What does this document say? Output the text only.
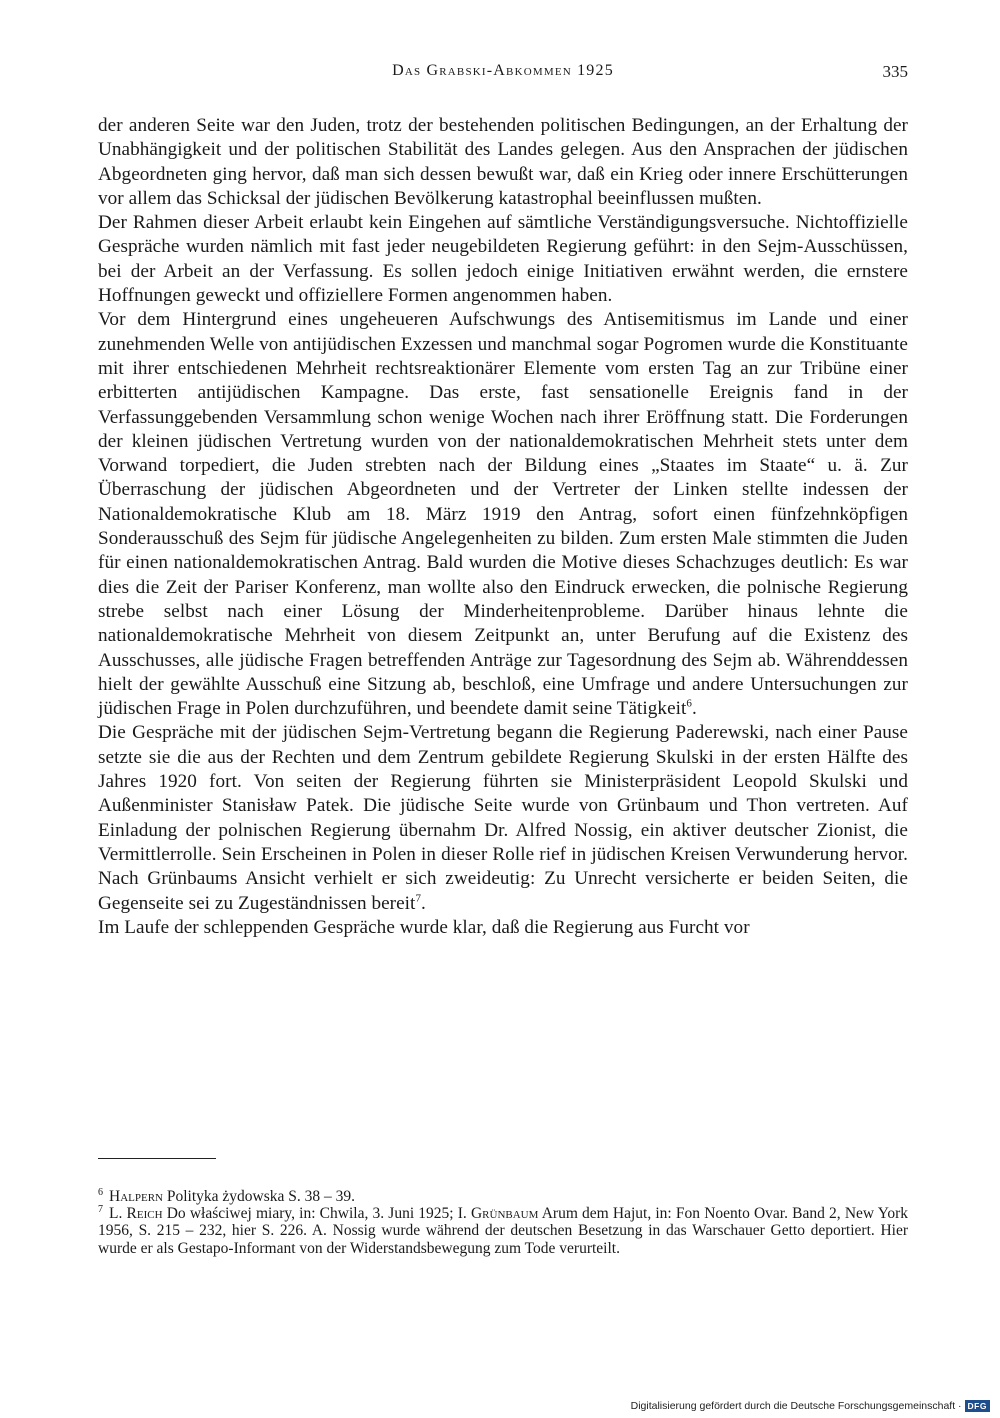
Das Grabski-Abkommen 1925	335

der anderen Seite war den Juden, trotz der bestehenden politischen Bedingungen, an der Erhaltung der Unabhängigkeit und der politischen Stabilität des Landes gelegen. Aus den Ansprachen der jüdischen Abgeordneten ging hervor, daß man sich dessen bewußt war, daß ein Krieg oder innere Erschütterungen vor allem das Schicksal der jüdischen Bevölkerung katastrophal beeinflussen mußten.

Der Rahmen dieser Arbeit erlaubt kein Eingehen auf sämtliche Verständigungsversuche. Nichtoffizielle Gespräche wurden nämlich mit fast jeder neugebildeten Regierung geführt: in den Sejm-Ausschüssen, bei der Arbeit an der Verfassung. Es sollen jedoch einige Initiativen erwähnt werden, die ernstere Hoffnungen geweckt und offiziellere Formen angenommen haben.

Vor dem Hintergrund eines ungeheueren Aufschwungs des Antisemitismus im Lande und einer zunehmenden Welle von antijüdischen Exzessen und manchmal sogar Pogromen wurde die Konstituante mit ihrer entschiedenen Mehrheit rechtsreaktionärer Elemente vom ersten Tag an zur Tribüne einer erbitterten antijüdischen Kampagne. Das erste, fast sensationelle Ereignis fand in der Verfassunggebenden Versammlung schon wenige Wochen nach ihrer Eröffnung statt. Die Forderungen der kleinen jüdischen Vertretung wurden von der nationaldemokratischen Mehrheit stets unter dem Vorwand torpediert, die Juden strebten nach der Bildung eines „Staates im Staate“ u. ä. Zur Überraschung der jüdischen Abgeordneten und der Vertreter der Linken stellte indessen der Nationaldemokratische Klub am 18. März 1919 den Antrag, sofort einen fünfzehnköpfigen Sonderausschuß des Sejm für jüdische Angelegenheiten zu bilden. Zum ersten Male stimmten die Juden für einen nationaldemokratischen Antrag. Bald wurden die Motive dieses Schachzuges deutlich: Es war dies die Zeit der Pariser Konferenz, man wollte also den Eindruck erwecken, die polnische Regierung strebe selbst nach einer Lösung der Minderheitenprobleme. Darüber hinaus lehnte die nationaldemokratische Mehrheit von diesem Zeitpunkt an, unter Berufung auf die Existenz des Ausschusses, alle jüdische Fragen betreffenden Anträge zur Tagesordnung des Sejm ab. Währenddessen hielt der gewählte Ausschuß eine Sitzung ab, beschloß, eine Umfrage und andere Untersuchungen zur jüdischen Frage in Polen durchzuführen, und beendete damit seine Tätigkeit$^6$.

Die Gespräche mit der jüdischen Sejm-Vertretung begann die Regierung Paderewski, nach einer Pause setzte sie die aus der Rechten und dem Zentrum gebildete Regierung Skulski in der ersten Hälfte des Jahres 1920 fort. Von seiten der Regierung führten sie Ministerpräsident Leopold Skulski und Außenminister Stanisław Patek. Die jüdische Seite wurde von Grünbaum und Thon vertreten. Auf Einladung der polnischen Regierung übernahm Dr. Alfred Nossig, ein aktiver deutscher Zionist, die Vermittlerrolle. Sein Erscheinen in Polen in dieser Rolle rief in jüdischen Kreisen Verwunderung hervor. Nach Grünbaums Ansicht verhielt er sich zweideutig: Zu Unrecht versicherte er beiden Seiten, die Gegenseite sei zu Zugeständnissen bereit$^7$.

Im Laufe der schleppenden Gespräche wurde klar, daß die Regierung aus Furcht vor

$^6$ Halpern Polityka żydowska S. 38 – 39.

$^7$ L. Reich Do właściwej miary, in: Chwila, 3. Juni 1925; I. Grünbaum Arum dem Hajut, in: Fon Noento Ovar. Band 2, New York 1956, S. 215 – 232, hier S. 226. A. Nossig wurde während der deutschen Besetzung in das Warschauer Getto deportiert. Hier wurde er als Gestapo-Informant von der Widerstandsbewegung zum Tode verurteilt.

Digitalisierung gefördert durch die Deutsche Forschungsgemeinschaft · DFG
